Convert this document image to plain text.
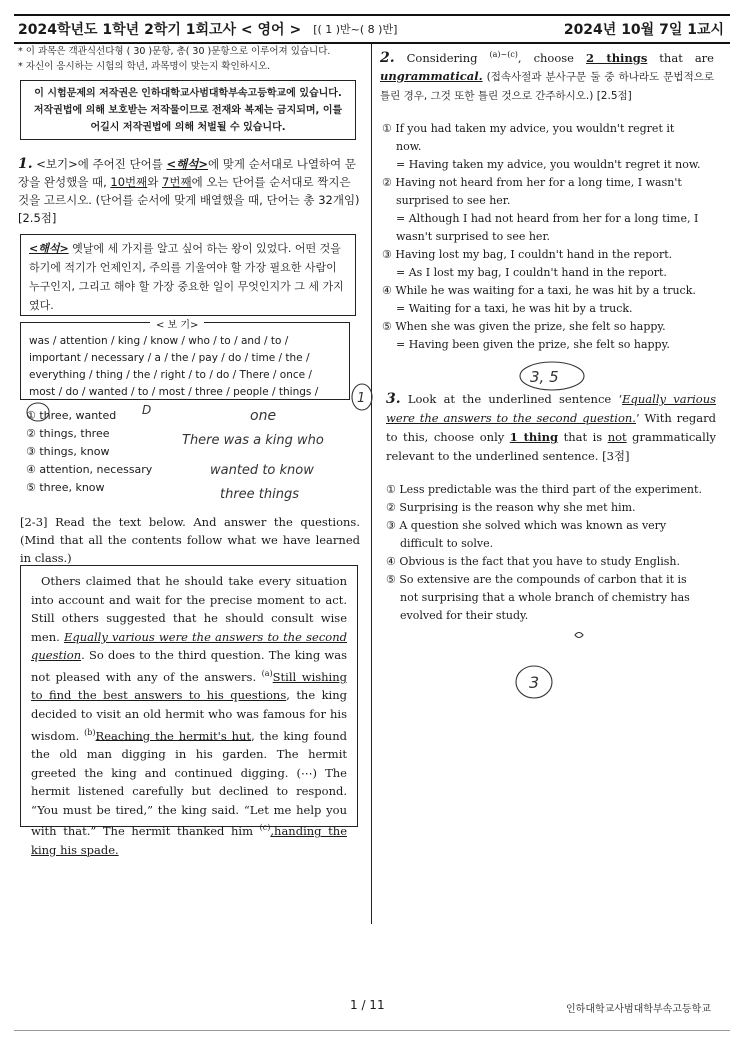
2024학년도 1학년 2학기 1회고사 < 영어 > [( 1 )반~( 8 )반]	2024년 10월 7일 1교시
* 이 과목은 객관식선다형 ( 30 )문항, 총( 30 )문항으로 이루어져 있습니다.
* 자신이 응시하는 시험의 학년, 과목명이 맞는지 확인하시오.
이 시험문제의 저작권은 인하대학교사범대학부속고등학교에 있습니다. 저작권법에 의해 보호받는 저작물이므로 전재와 복제는 금지되며, 이를 어길시 저작권법에 의해 처벌될 수 있습니다.
1. <보기>에 주어진 단어를 <해석>에 맞게 순서대로 나열하여 문장을 완성했을 때, 10번째와 7번째에 오는 단어를 순서대로 짝지은 것을 고르시오. (단어를 순서에 맞게 배열했을 때, 단어는 총 32개임) [2.5점]
<해석> 옛날에 세 가지를 알고 싶어 하는 왕이 있었다. 어떤 것을 하기에 적기가 언제인지, 주의를 기울여야 할 가장 필요한 사람이 누구인지, 그리고 해야 할 가장 중요한 일이 무엇인지가 그 세 가지였다.
was / attention / king / know / who / to / and / to / important / necessary / a / the / pay / do / time / the / everything / thing / the / right / to / do / There / once / most / do / wanted / to / most / three / people / things /
< 보 기>
① three, wanted
② things, three
③ things, know
④ attention, necessary
⑤ three, know
D	one
There was a king who
wanted to know
three things
1
3, 5
3
[2-3] Read the text below. And answer the questions. (Mind that all the contents follow what we have learned in class.)
Others claimed that he should take every situation into account and wait for the precise moment to act. Still others suggested that he should consult wise men. Equally various were the answers to the second question. So does to the third question. The king was not pleased with any of the answers. $^{(a)}$Still wishing to find the best answers to his questions, the king decided to visit an old hermit who was famous for his wisdom. $^{(b)}$Reaching the hermit's hut, the king found the old man digging in his garden. The hermit greeted the king and continued digging. (⋯) The hermit listened carefully but declined to respond. “You must be tired,” the king said. “Let me help you with that.” The hermit thanked him $^{(c)}$,handing the king his spade.
2. Considering $^{(a)\sim(c)}$, choose 2 things that are ungrammatical. (접속사절과 분사구문 둘 중 하나라도 문법적으로 틀린 경우, 그것 또한 틀린 것으로 간주하시오.) [2.5점]
① If you had taken my advice, you wouldn't regret it
now.
= Having taken my advice, you wouldn't regret it now.
② Having not heard from her for a long time, I wasn't
surprised to see her.
= Although I had not heard from her for a long time, I
wasn't surprised to see her.
③ Having lost my bag, I couldn't hand in the report.
= As I lost my bag, I couldn't hand in the report.
④ While he was waiting for a taxi, he was hit by a truck.
= Waiting for a taxi, he was hit by a truck.
⑤ When she was given the prize, she felt so happy.
= Having been given the prize, she felt so happy.
3. Look at the underlined sentence ‘Equally various were the answers to the second question.’ With regard to this, choose only 1 thing that is not grammatically relevant to the underlined sentence. [3점]
① Less predictable was the third part of the experiment.
② Surprising is the reason why she met him.
③ A question she solved which was known as very
difficult to solve.
④ Obvious is the fact that you have to study English.
⑤ So extensive are the compounds of carbon that it is
not surprising that a whole branch of chemistry has
evolved for their study.
1 / 11	인하대학교사범대학부속고등학교
